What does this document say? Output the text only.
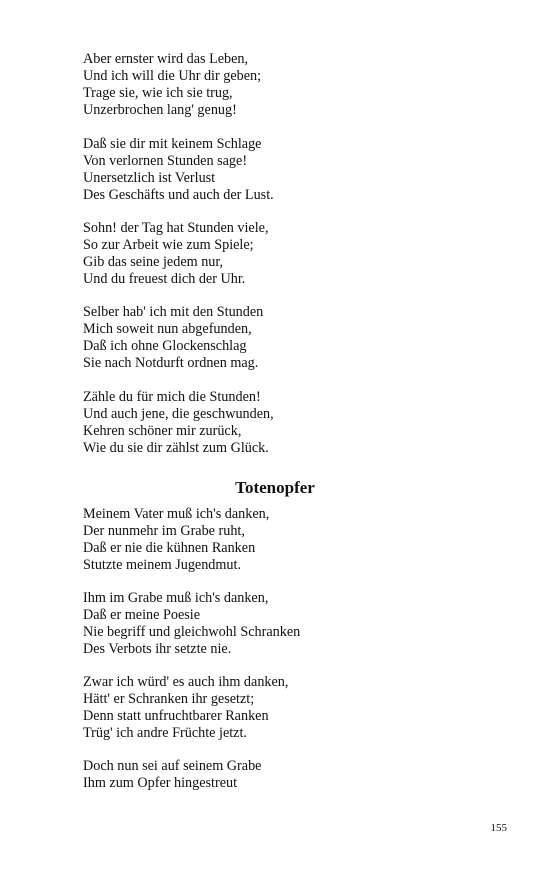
Aber ernster wird das Leben,
Und ich will die Uhr dir geben;
Trage sie, wie ich sie trug,
Unzerbrochen lang' genug!
Daß sie dir mit keinem Schlage
Von verlornen Stunden sage!
Unersetzlich ist Verlust
Des Geschäfts und auch der Lust.
Sohn! der Tag hat Stunden viele,
So zur Arbeit wie zum Spiele;
Gib das seine jedem nur,
Und du freuest dich der Uhr.
Selber hab' ich mit den Stunden
Mich soweit nun abgefunden,
Daß ich ohne Glockenschlag
Sie nach Notdurft ordnen mag.
Zähle du für mich die Stunden!
Und auch jene, die geschwunden,
Kehren schöner mir zurück,
Wie du sie dir zählst zum Glück.
Totenopfer
Meinem Vater muß ich's danken,
Der nunmehr im Grabe ruht,
Daß er nie die kühnen Ranken
Stutzte meinem Jugendmut.
Ihm im Grabe muß ich's danken,
Daß er meine Poesie
Nie begriff und gleichwohl Schranken
Des Verbots ihr setzte nie.
Zwar ich würd' es auch ihm danken,
Hätt' er Schranken ihr gesetzt;
Denn statt unfruchtbarer Ranken
Trüg' ich andre Früchte jetzt.
Doch nun sei auf seinem Grabe
Ihm zum Opfer hingestreut
155
